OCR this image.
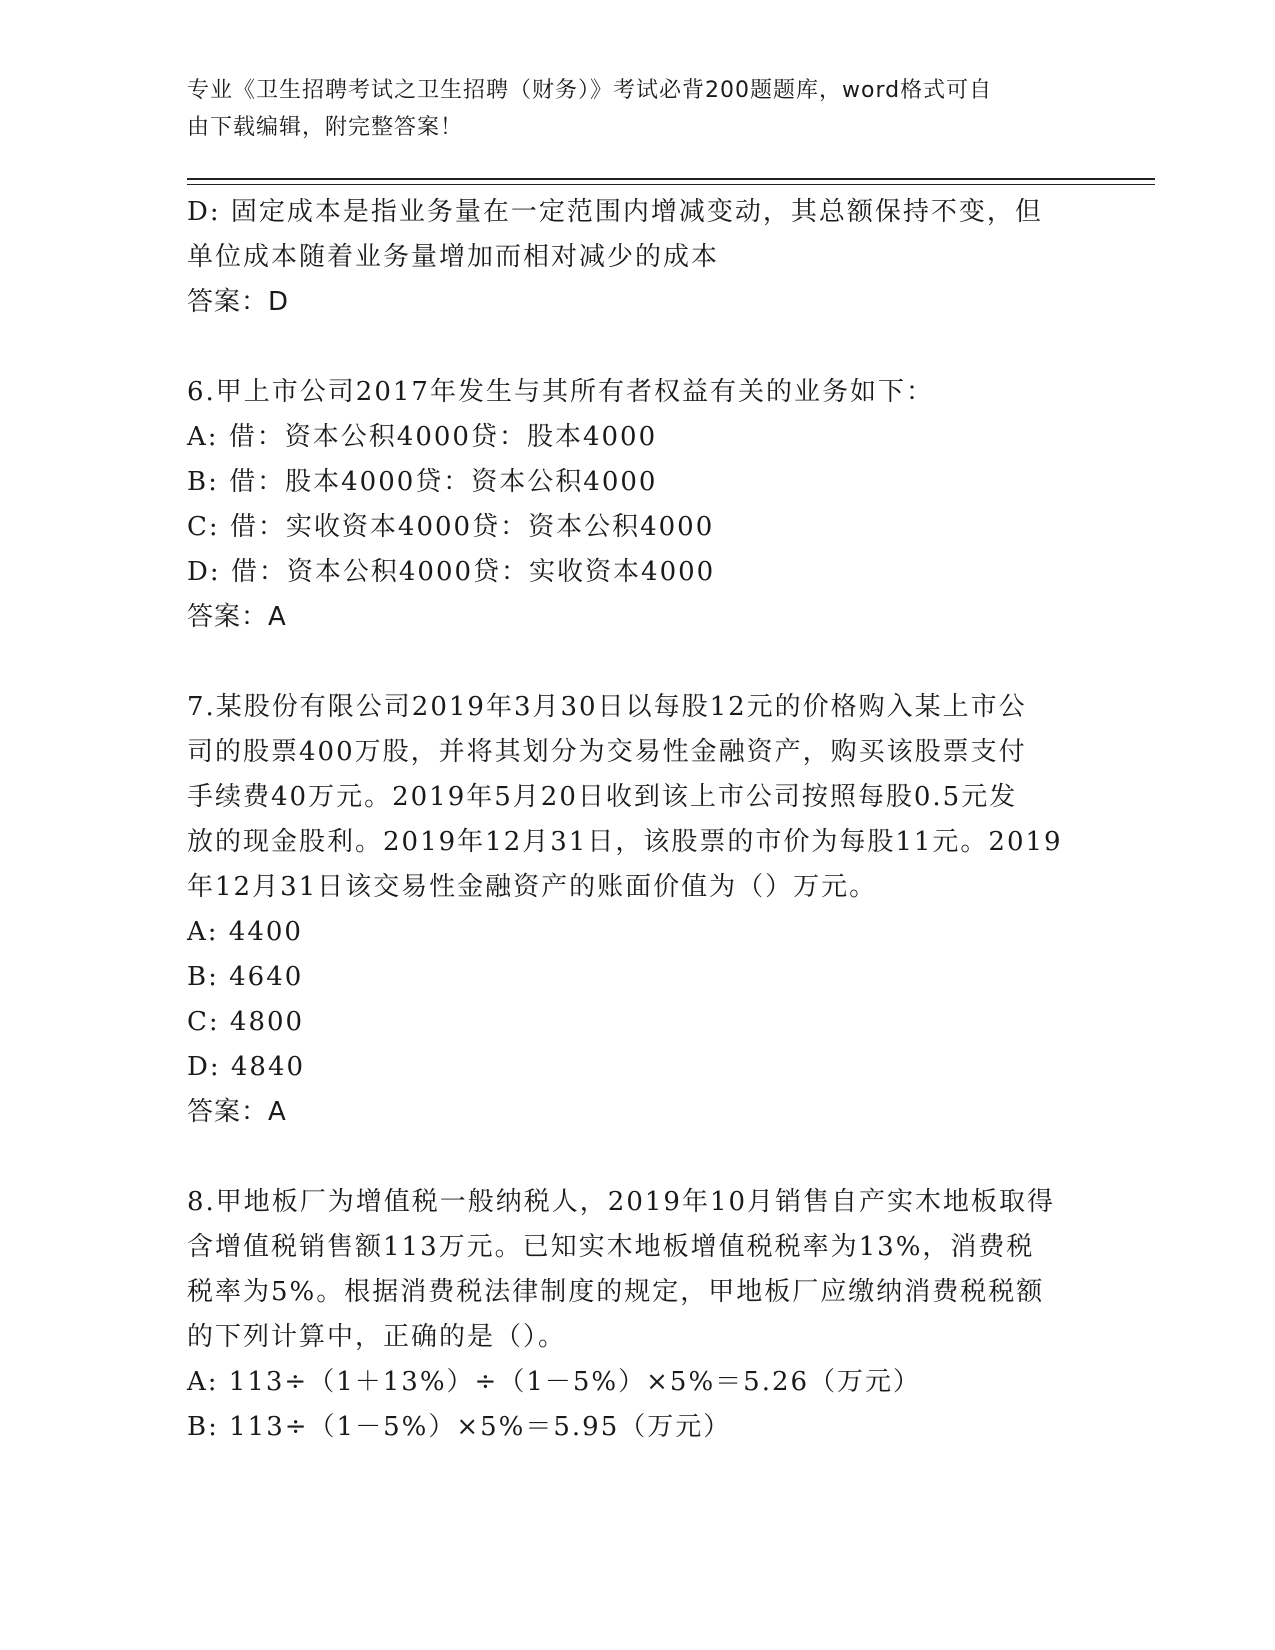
专业《卫生招聘考试之卫生招聘（财务）》考试必背200题题库，word格式可自
由下载编辑，附完整答案！

D: 固定成本是指业务量在一定范围内增减变动，其总额保持不变，但

单位成本随着业务量增加而相对减少的成本

答案：D

6.甲上市公司2017年发生与其所有者权益有关的业务如下：

A: 借：资本公积4000贷：股本4000

B: 借：股本4000贷：资本公积4000

C: 借：实收资本4000贷：资本公积4000

D: 借：资本公积4000贷：实收资本4000

答案：A

7.某股份有限公司2019年3月30日以每股12元的价格购入某上市公

司的股票400万股，并将其划分为交易性金融资产，购买该股票支付

手续费40万元。2019年5月20日收到该上市公司按照每股0.5元发

放的现金股利。2019年12月31日，该股票的市价为每股11元。2019

年12月31日该交易性金融资产的账面价值为（）万元。

A: 4400

B: 4640

C: 4800

D: 4840

答案：A

8.甲地板厂为增值税一般纳税人，2019年10月销售自产实木地板取得

含增值税销售额113万元。已知实木地板增值税税率为13%，消费税

税率为5%。根据消费税法律制度的规定，甲地板厂应缴纳消费税税额

的下列计算中，正确的是（）。

A: 113÷（1＋13%）÷（1－5%）×5%＝5.26（万元）

B: 113÷（1－5%）×5%＝5.95（万元）
